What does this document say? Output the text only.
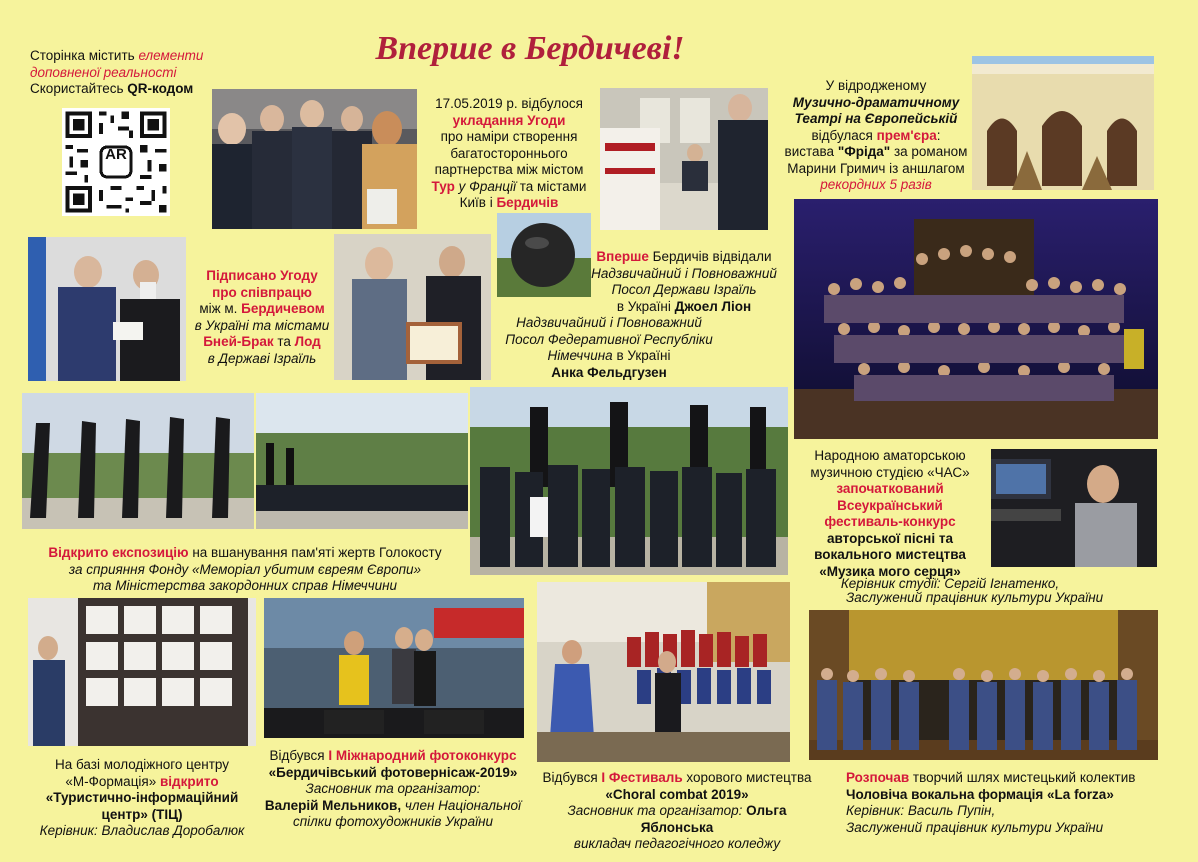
Вперше в Бердичеві!
Сторінка містить елементи
доповненої реальності
Скористайтесь QR-кодом
AR
17.05.2019 р. відбулося
укладання Угоди
про наміри створення
багатостороннього
партнерства між містом
Тур у Франції та містами
Київ і Бердичів
У відродженому
Музично-драматичному
Театрі на Європейській
відбулася прем'єра:
вистава "Фріда" за романом
Марини Гримич із аншлагом
рекордних 5 разів
Підписано Угоду
про співпрацю
між м. Бердичевом
в Україні та містами
Бней-Брак та Лод
в Державі Ізраїль
Вперше Бердичів відвідали
Надзвичайний і Повноважний
Посол Держави Ізраїль
в Україні Джоел Ліон
Надзвичайний і Повноважний
Посол Федеративної Республіки
Німеччина в Україні
Анка Фельдгузен
Відкрито експозицію на вшанування пам'яті жертв Голокосту
за сприяння Фонду «Меморіал убитим євреям Європи»
та Міністерства закордонних справ Німеччини
Народною аматорською
музичною студією «ЧАС»
започаткований
Всеукраїнський
фестиваль-конкурс
авторської пісні та
вокального мистецтва
«Музика мого серця»
Керівник студії: Сергій Ігнатенко,
Заслужений працівник культури України
На базі молодіжного центру
«М-Формація» відкрито
«Туристично-інформаційний
центр» (ТІЦ)
Керівник: Владислав Доробалюк
Відбувся І Міжнародний фотоконкурс
«Бердичівський фотовернісаж-2019»
Засновник та організатор:
Валерій Мельников, член Національної
спілки фотохудожників України
Відбувся І Фестиваль хорового мистецтва
«Choral combat 2019»
Засновник та організатор: Ольга Яблонська
викладач педагогічного коледжу
Розпочав творчий шлях мистецький колектив
Чоловіча вокальна формація «La forza»
Керівник: Василь Пупін,
Заслужений працівник культури України
